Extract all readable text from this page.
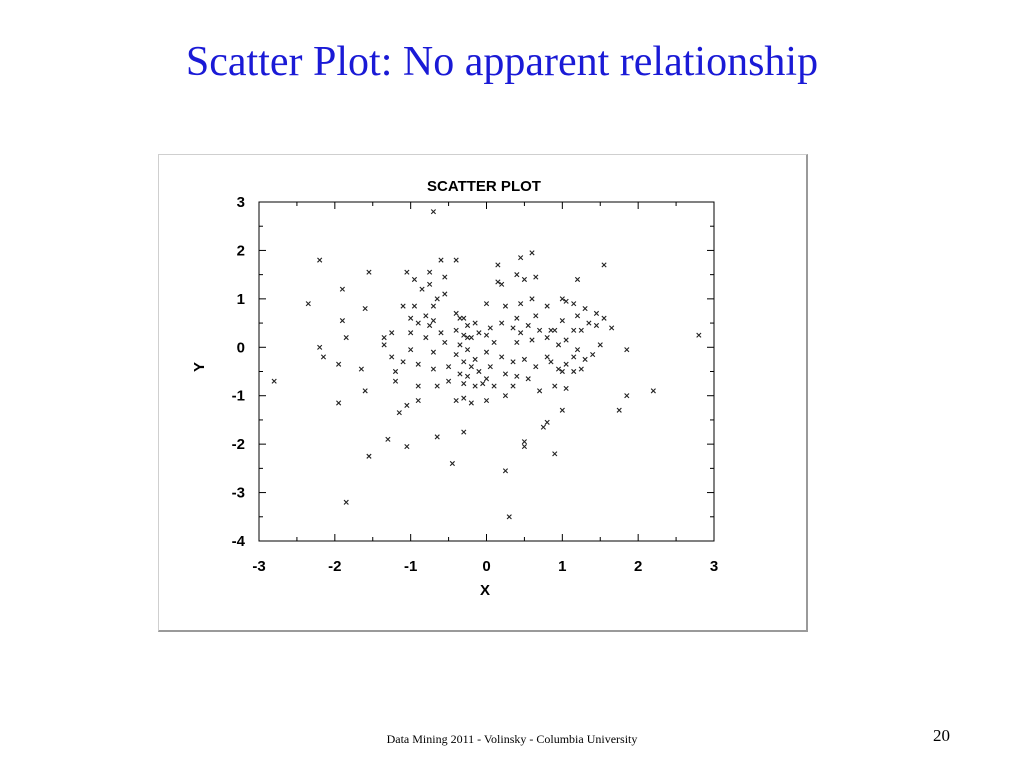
Scatter Plot: No apparent relationship
SCATTER PLOT
X
Y
-3	-2	-1	0	1	2	3
-4
-3
-2
-1
0
1
2
3
Data Mining 2011 - Volinsky - Columbia University	20
